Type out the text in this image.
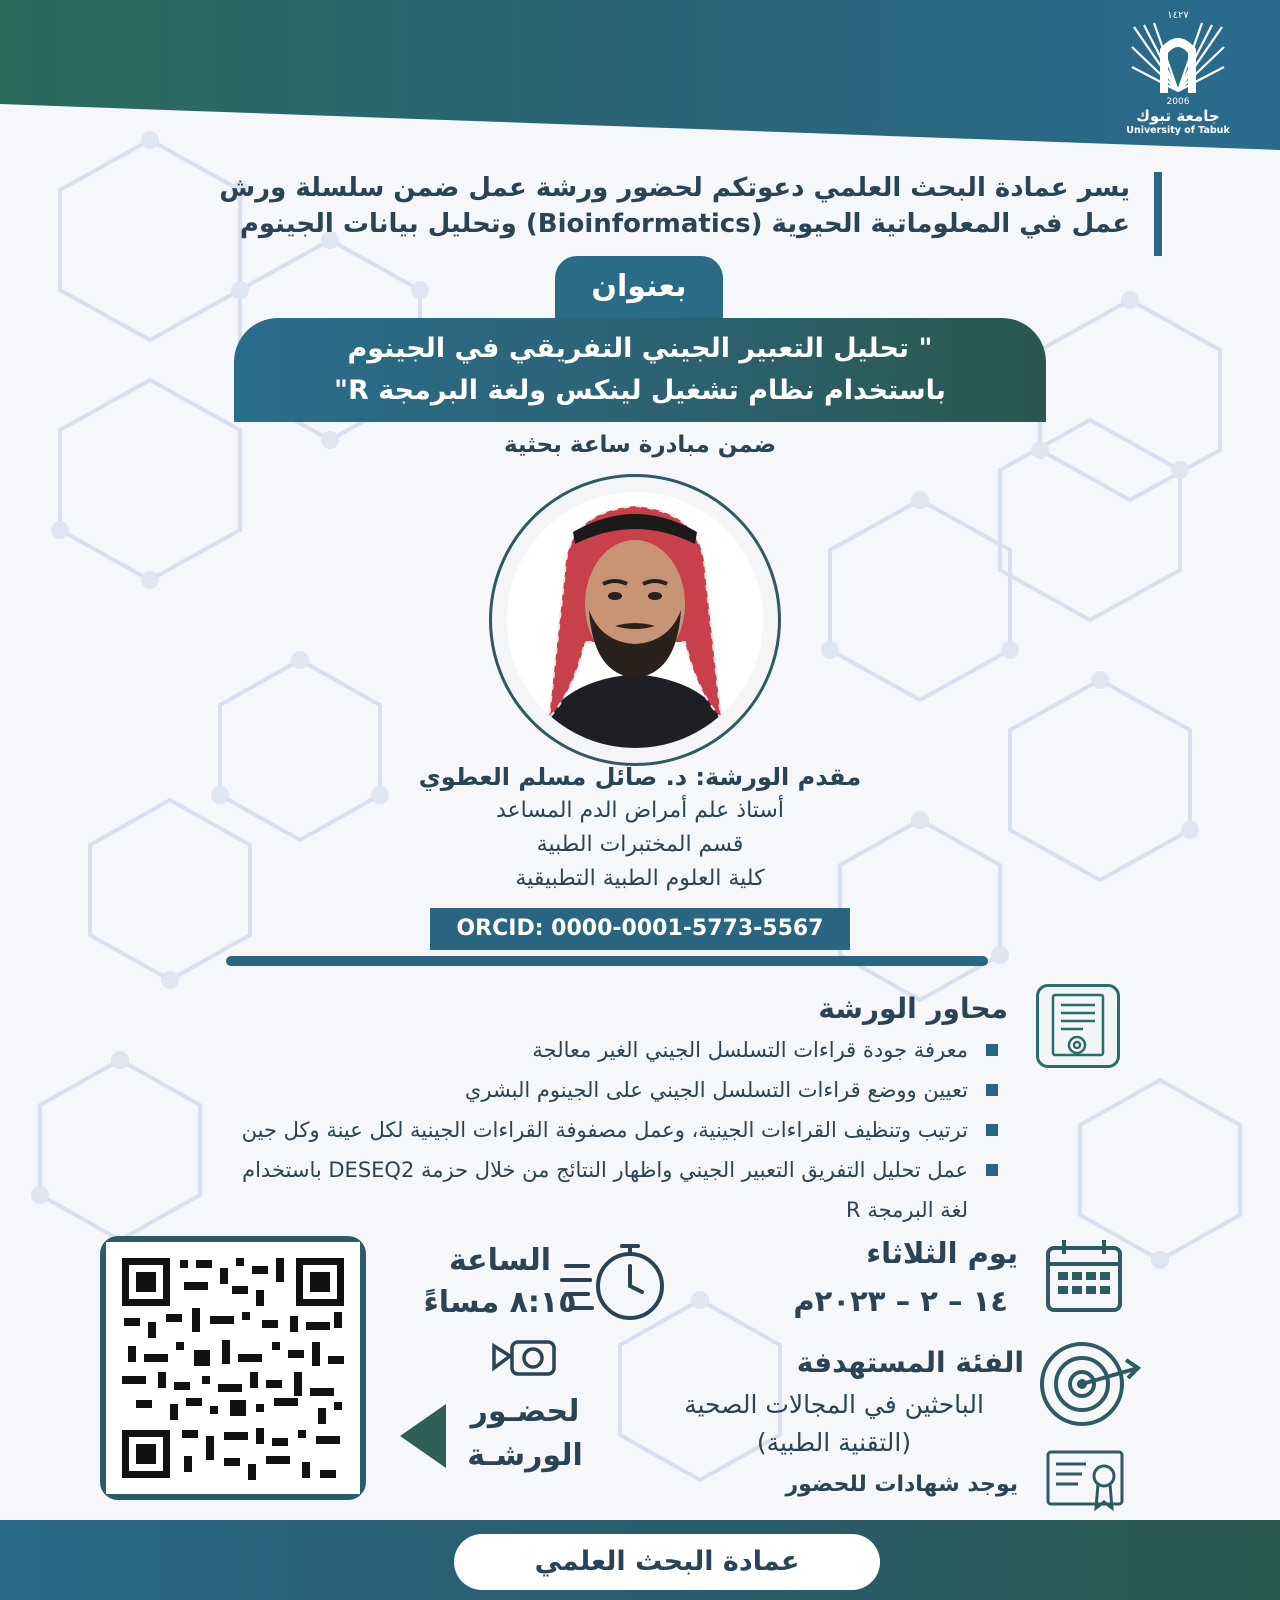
١٤٢٧
2006
جامعة تبوك
University of Tabuk
يسر عمادة البحث العلمي دعوتكم لحضور ورشة عمل ضمن سلسلة ورش
عمل في المعلوماتية الحيوية (Bioinformatics) وتحليل بيانات الجينوم
بعنوان
" تحليل التعبير الجيني التفريقي في الجينوم
باستخدام نظام تشغيل لينكس ولغة البرمجة R"
ضمن مبادرة ساعة بحثية
مقدم الورشة: د. صائل مسلم العطوي
أستاذ علم أمراض الدم المساعد
قسم المختبرات الطبية
كلية العلوم الطبية التطبيقية
ORCID: 0000-0001-5773-5567
محاور الورشة
معرفة جودة قراءات التسلسل الجيني الغير معالجة
تعيين ووضع قراءات التسلسل الجيني على الجينوم البشري
ترتيب وتنظيف القراءات الجينية، وعمل مصفوفة القراءات الجينية لكل عينة وكل جين
عمل تحليل التفريق التعبير الجيني واظهار النتائج من خلال حزمة DESEQ2 باستخدام
لغة البرمجة R
لحضـور
الورشـة
الساعة
٨:١٥ مساءً
يوم الثلاثاء
١٤ – ٢ – ٢٠٢٣م
الفئة المستهدفة
الباحثين في المجالات الصحية
(التقنية الطبية)
يوجد شهادات للحضور
عمادة البحث العلمي
